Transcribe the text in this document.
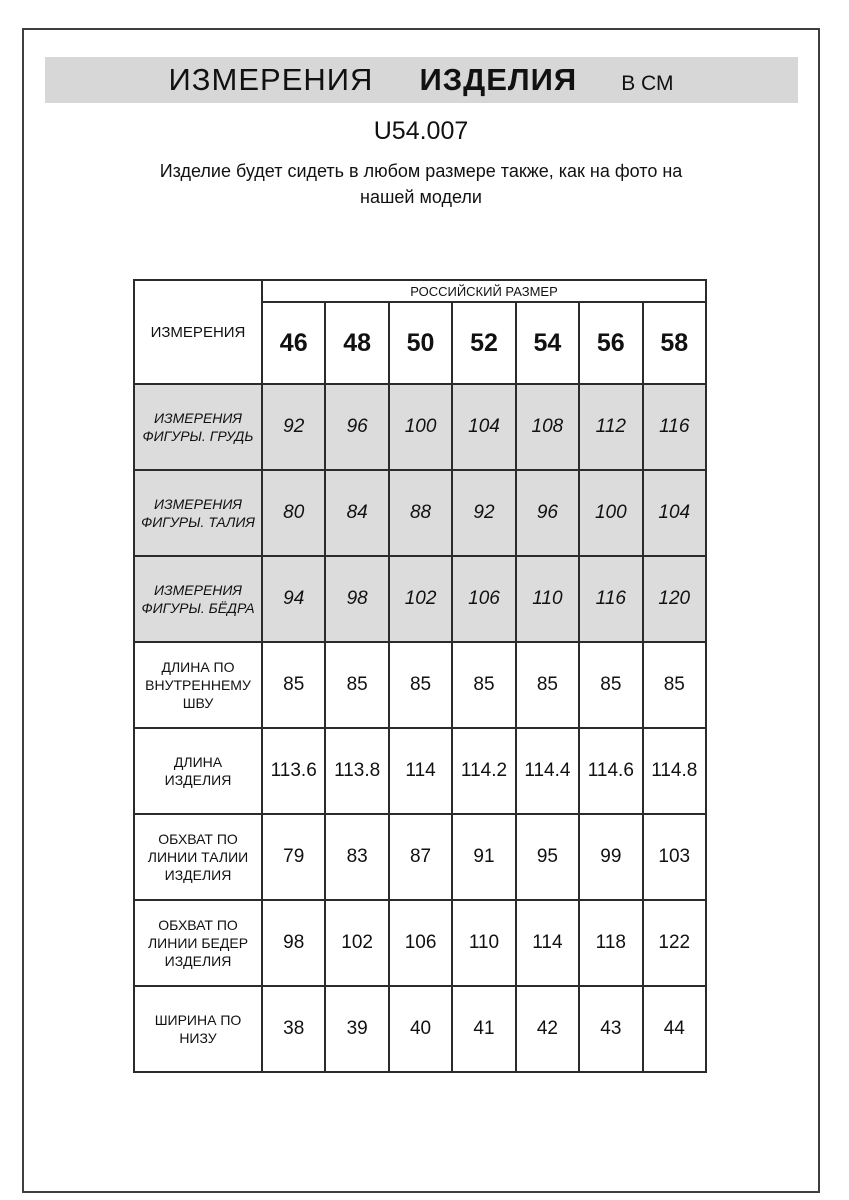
ИЗМЕРЕНИЯ ИЗДЕЛИЯ В СМ
U54.007
Изделие будет сидеть в любом размере также, как на фото на
нашей модели
ИЗМЕРЕНИЯ	РОССИЙСКИЙ РАЗМЕР						
	46	48	50	52	54	56	58
ИЗМЕРЕНИЯ ФИГУРЫ. ГРУДЬ	92	96	100	104	108	112	116
ИЗМЕРЕНИЯ ФИГУРЫ. ТАЛИЯ	80	84	88	92	96	100	104
ИЗМЕРЕНИЯ ФИГУРЫ. БЁДРА	94	98	102	106	110	116	120
ДЛИНА ПО ВНУТРЕННЕМУ ШВУ	85	85	85	85	85	85	85
ДЛИНА ИЗДЕЛИЯ	113.6	113.8	114	114.2	114.4	114.6	114.8
ОБХВАТ ПО ЛИНИИ ТАЛИИ ИЗДЕЛИЯ	79	83	87	91	95	99	103
ОБХВАТ ПО ЛИНИИ БЕДЕР ИЗДЕЛИЯ	98	102	106	110	114	118	122
ШИРИНА ПО НИЗУ	38	39	40	41	42	43	44
